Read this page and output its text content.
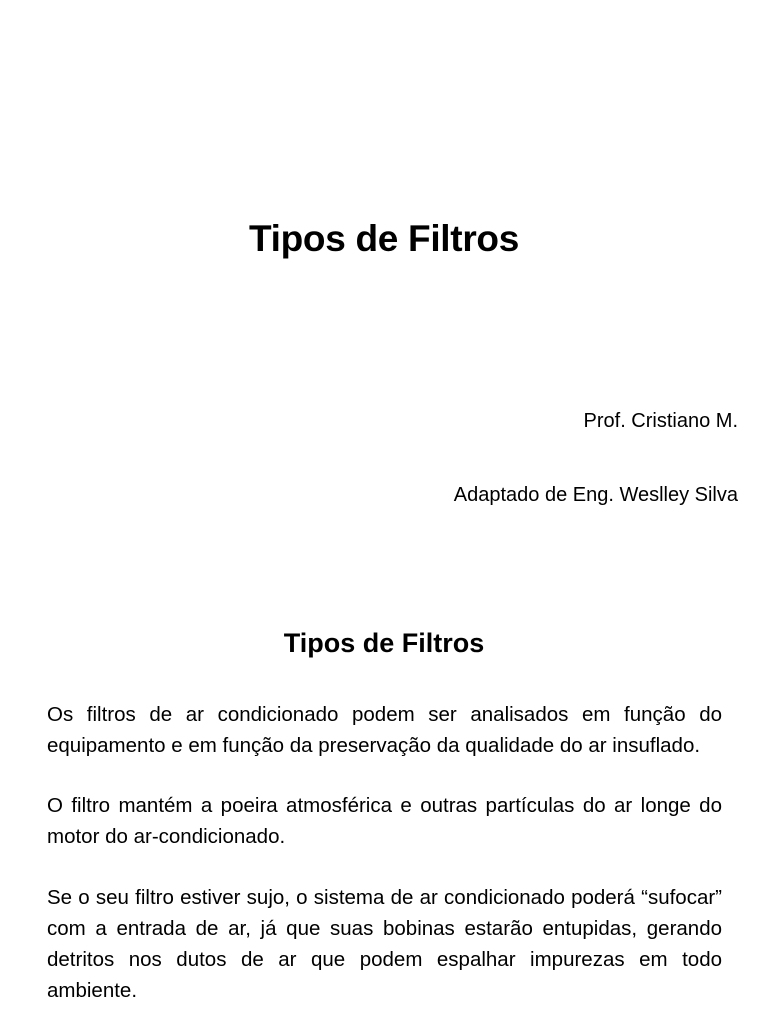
Tipos de Filtros

Prof. Cristiano M.

Adaptado de Eng. Weslley Silva

Tipos de Filtros

Os filtros de ar condicionado podem ser analisados em função do equipamento e em função da preservação da qualidade do ar insuflado.

O filtro mantém a poeira atmosférica e outras partículas do ar longe do motor do ar-condicionado.

Se o seu filtro estiver sujo, o sistema de ar condicionado poderá “sufocar” com a entrada de ar, já que suas bobinas estarão entupidas, gerando detritos nos dutos de ar que podem espalhar impurezas em todo ambiente.
